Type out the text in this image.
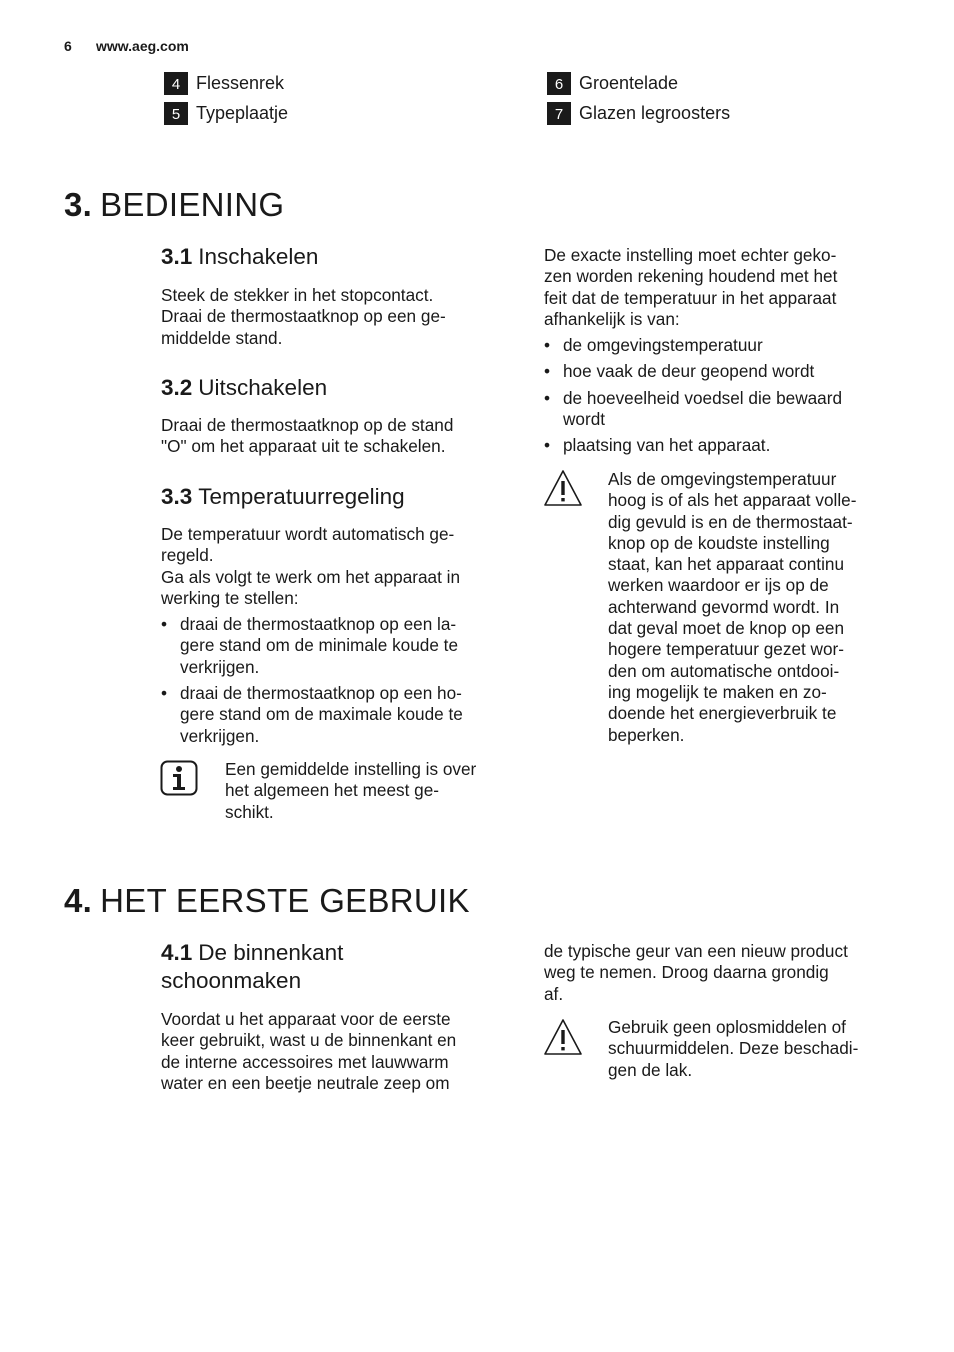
6 www.aeg.com
4 Flessenrek
5 Typeplaatje
6 Groentelade
7 Glazen legroosters
3. BEDIENING
3.1 Inschakelen

Steek de stekker in het stopcontact.

Draai de thermostaatknop op een ge-

middelde stand.

3.2 Uitschakelen

Draai de thermostaatknop op de stand

"O" om het apparaat uit te schakelen.

3.3 Temperatuurregeling

De temperatuur wordt automatisch ge-

regeld.

Ga als volgt te werk om het apparaat in

werking te stellen:

• draai de thermostaatknop op een la-
gere stand om de minimale koude te
verkrijgen.
• draai de thermostaatknop op een ho-
gere stand om de maximale koude te
verkrijgen.
Een gemiddelde instelling is over
het algemeen het meest ge-
schikt.

De exacte instelling moet echter geko-

zen worden rekening houdend met het

feit dat de temperatuur in het apparaat

afhankelijk is van:

• de omgevingstemperatuur
• hoe vaak de deur geopend wordt
• de hoeveelheid voedsel die bewaard
wordt
• plaatsing van het apparaat.
Als de omgevingstemperatuur
hoog is of als het apparaat volle-
dig gevuld is en de thermostaat-
knop op de koudste instelling
staat, kan het apparaat continu
werken waardoor er ijs op de
achterwand gevormd wordt. In
dat geval moet de knop op een
hogere temperatuur gezet wor-
den om automatische ontdooi-
ing mogelijk te maken en zo-
doende het energieverbruik te
beperken.
4. HET EERSTE GEBRUIK
4.1 De binnenkant
schoonmaken

Voordat u het apparaat voor de eerste

keer gebruikt, wast u de binnenkant en

de interne accessoires met lauwwarm

water en een beetje neutrale zeep om

de typische geur van een nieuw product

weg te nemen. Droog daarna grondig

af.

Gebruik geen oplosmiddelen of
schuurmiddelen. Deze beschadi-
gen de lak.
